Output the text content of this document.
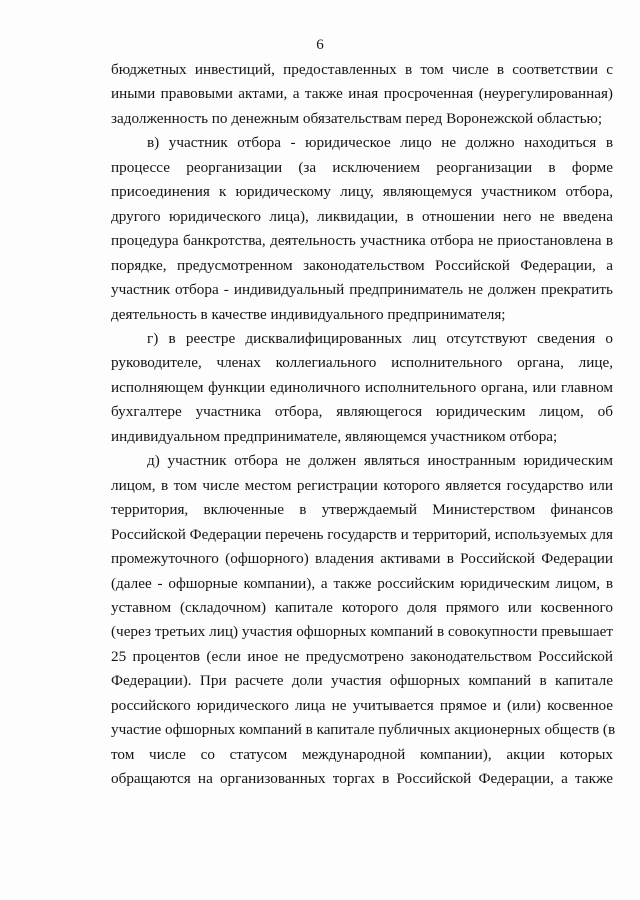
6

бюджетных инвестиций, предоставленных в том числе в соответствии с
иными правовыми актами, а также иная просроченная (неурегулированная)
задолженность по денежным обязательствам перед Воронежской областью;

в) участник отбора - юридическое лицо не должно находиться в
процессе реорганизации (за исключением реорганизации в форме
присоединения к юридическому лицу, являющемуся участником отбора,
другого юридического лица), ликвидации, в отношении него не введена
процедура банкротства, деятельность участника отбора не приостановлена в
порядке, предусмотренном законодательством Российской Федерации, а
участник отбора - индивидуальный предприниматель не должен прекратить
деятельность в качестве индивидуального предпринимателя;

г) в реестре дисквалифицированных лиц отсутствуют сведения о
руководителе, членах коллегиального исполнительного органа, лице,
исполняющем функции единоличного исполнительного органа, или главном
бухгалтере участника отбора, являющегося юридическим лицом, об
индивидуальном предпринимателе, являющемся участником отбора;

д) участник отбора не должен являться иностранным юридическим
лицом, в том числе местом регистрации которого является государство или
территория, включенные в утверждаемый Министерством финансов
Российской Федерации перечень государств и территорий, используемых для
промежуточного (офшорного) владения активами в Российской Федерации
(далее - офшорные компании), а также российским юридическим лицом, в
уставном (складочном) капитале которого доля прямого или косвенного
(через третьих лиц) участия офшорных компаний в совокупности превышает
25 процентов (если иное не предусмотрено законодательством Российской
Федерации). При расчете доли участия офшорных компаний в капитале
российского юридического лица не учитывается прямое и (или) косвенное
участие офшорных компаний в капитале публичных акционерных обществ (в
том числе со статусом международной компании), акции которых
обращаются на организованных торгах в Российской Федерации, а также
